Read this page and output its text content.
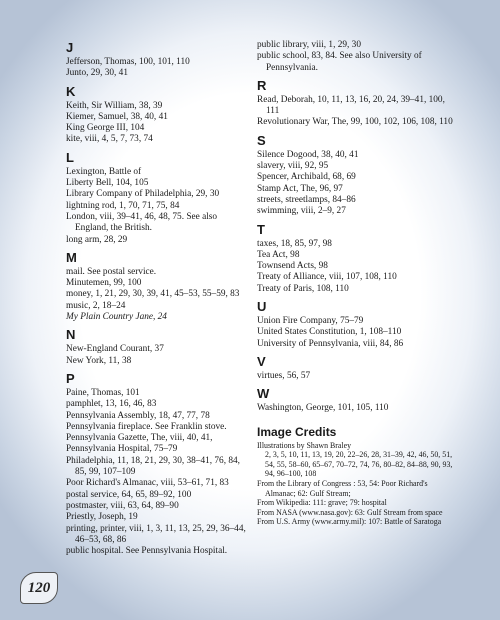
J
Jefferson, Thomas, 100, 101, 110
Junto, 29, 30, 41
K
Keith, Sir William, 38, 39
Kiemer, Samuel, 38, 40, 41
King George III, 104
kite, viii, 4, 5, 7, 73, 74
L
Lexington, Battle of
Liberty Bell, 104, 105
Library Company of Philadelphia, 29, 30
lightning rod, 1, 70, 71, 75, 84
London, viii, 39–41, 46, 48, 75. See also England, the British.
long arm, 28, 29
M
mail. See postal service.
Minutemen, 99, 100
money, 1, 21, 29, 30, 39, 41, 45–53, 55–59, 83
music, 2, 18–24
My Plain Country Jane, 24
N
New-England Courant, 37
New York, 11, 38
P
Paine, Thomas, 101
pamphlet, 13, 16, 46, 83
Pennsylvania Assembly, 18, 47, 77, 78
Pennsylvania fireplace. See Franklin stove.
Pennsylvania Gazette, The, viii, 40, 41,
Pennsylvania Hospital, 75–79
Philadelphia, 11, 18, 21, 29, 30, 38–41, 76, 84, 85, 99, 107–109
Poor Richard's Almanac, viii, 53–61, 71, 83
postal service, 64, 65, 89–92, 100
postmaster, viii, 63, 64, 89–90
Priestly, Joseph, 19
printing, printer, viii, 1, 3, 11, 13, 25, 29, 36–44, 46–53, 68, 86
public hospital. See Pennsylvania Hospital.
public library, viii, 1, 29, 30
public school, 83, 84. See also University of Pennsylvania.
R
Read, Deborah, 10, 11, 13, 16, 20, 24, 39–41, 100, 111
Revolutionary War, The, 99, 100, 102, 106, 108, 110
S
Silence Dogood, 38, 40, 41
slavery, viii, 92, 95
Spencer, Archibald, 68, 69
Stamp Act, The, 96, 97
streets, streetlamps, 84–86
swimming, viii, 2–9, 27
T
taxes, 18, 85, 97, 98
Tea Act, 98
Townsend Acts, 98
Treaty of Alliance, viii, 107, 108, 110
Treaty of Paris, 108, 110
U
Union Fire Company, 75–79
United States Constitution, 1, 108–110
University of Pennsylvania, viii, 84, 86
V
virtues, 56, 57
W
Washington, George, 101, 105, 110
Image Credits
Illustrations by Shawn Braley
2, 3, 5, 10, 11, 13, 19, 20, 22–26, 28, 31–39, 42, 46, 50, 51, 54, 55, 58–60, 65–67, 70–72, 74, 76, 80–82, 84–88, 90, 93, 94, 96–100, 108
From the Library of Congress : 53, 54: Poor Richard's Almanac; 62: Gulf Stream;
From Wikipedia: 111: grave; 79: hospital
From NASA (www.nasa.gov): 63: Gulf Stream from space
From U.S. Army (www.army.mil): 107: Battle of Saratoga
120
